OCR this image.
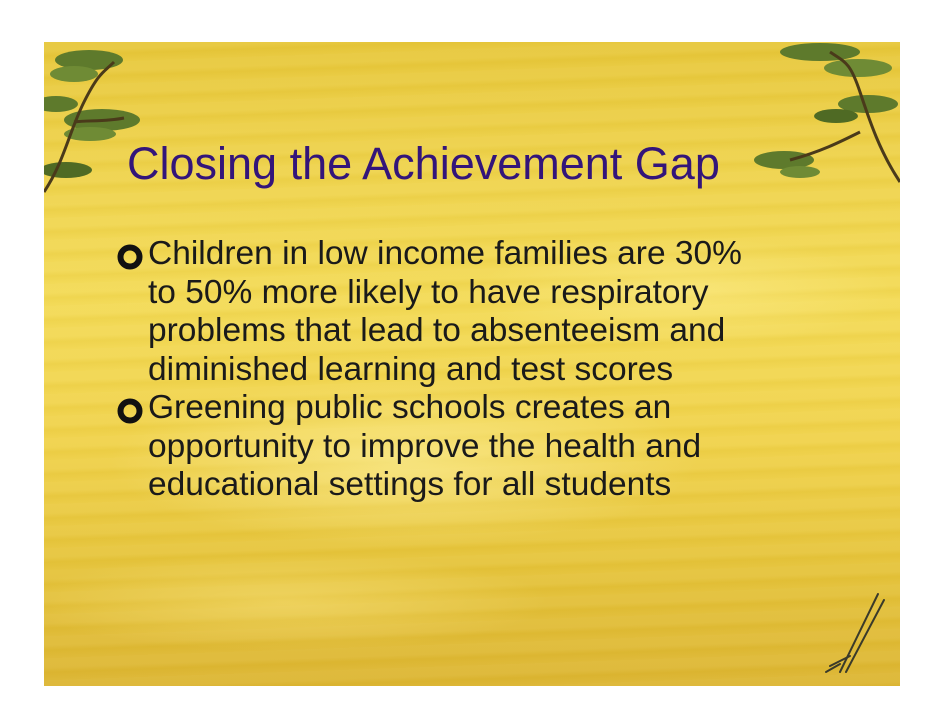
Closing the Achievement Gap
Children in low income families are 30%
to 50% more likely to have respiratory
problems that lead to absenteeism and
diminished learning and test scores
Greening public schools creates an
opportunity to improve the health and
educational settings for all students
